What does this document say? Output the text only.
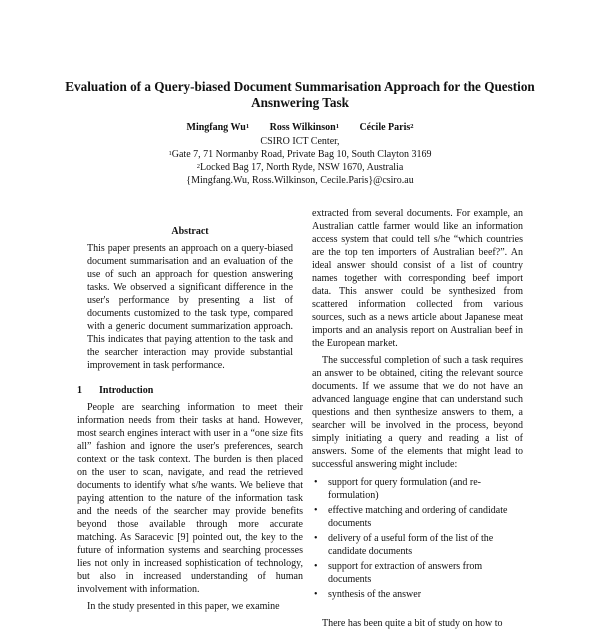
Evaluation of a Query-biased Document Summarisation Approach for the Question Ansnwering Task
Mingfang Wu$^1$ Ross Wilkinson$^1$ Cécile Paris$^2$
CSIRO ICT Center,
$^1$Gate 7, 71 Normanby Road, Private Bag 10, South Clayton 3169
$^2$Locked Bag 17, North Ryde, NSW 1670, Australia
{Mingfang.Wu, Ross.Wilkinson, Cecile.Paris}@csiro.au
Abstract

This paper presents an approach on a query-biased document summarisation and an evaluation of the use of such an approach for question answering tasks. We observed a significant difference in the user's performance by presenting a list of documents customized to the task type, compared with a generic document summarization approach. This indicates that paying attention to the task and the searcher interaction may provide substantial improvement in task performance.

1 Introduction

People are searching information to meet their information needs from their tasks at hand. However, most search engines interact with user in a “one size fits all” fashion and ignore the user's preferences, search context or the task context. The burden is then placed on the user to scan, navigate, and read the retrieved documents to identify what s/he wants. We believe that paying attention to the nature of the information task and the needs of the searcher may provide benefits beyond those available through more accurate matching. As Saracevic [9] pointed out, the key to the future of information systems and searching processes lies not only in increased sophistication of technology, but also in increased understanding of human involvement with information.

In the study presented in this paper, we examine

extracted from several documents. For example, an Australian cattle farmer would like an information access system that could tell s/he “which countries are the top ten importers of Australian beef?”. An ideal answer should consist of a list of country names together with corresponding beef import data. This answer could be synthesized from scattered information collected from various sources, such as a news article about Japanese meat imports and an analysis report on Australian beef in the European market.

The successful completion of such a task requires an answer to be obtained, citing the relevant source documents. If we assume that we do not have an advanced language engine that can understand such questions and then synthesize answers to them, a searcher will be involved in the process, beyond simply initiating a query and reading a list of answers. Some of the elements that might lead to successful answering might include:

• support for query formulation (and re-formulation)
• effective matching and ordering of candidate documents
• delivery of a useful form of the list of the candidate documents
• support for extraction of answers from documents
• synthesis of the answer

There has been quite a bit of study on how to
